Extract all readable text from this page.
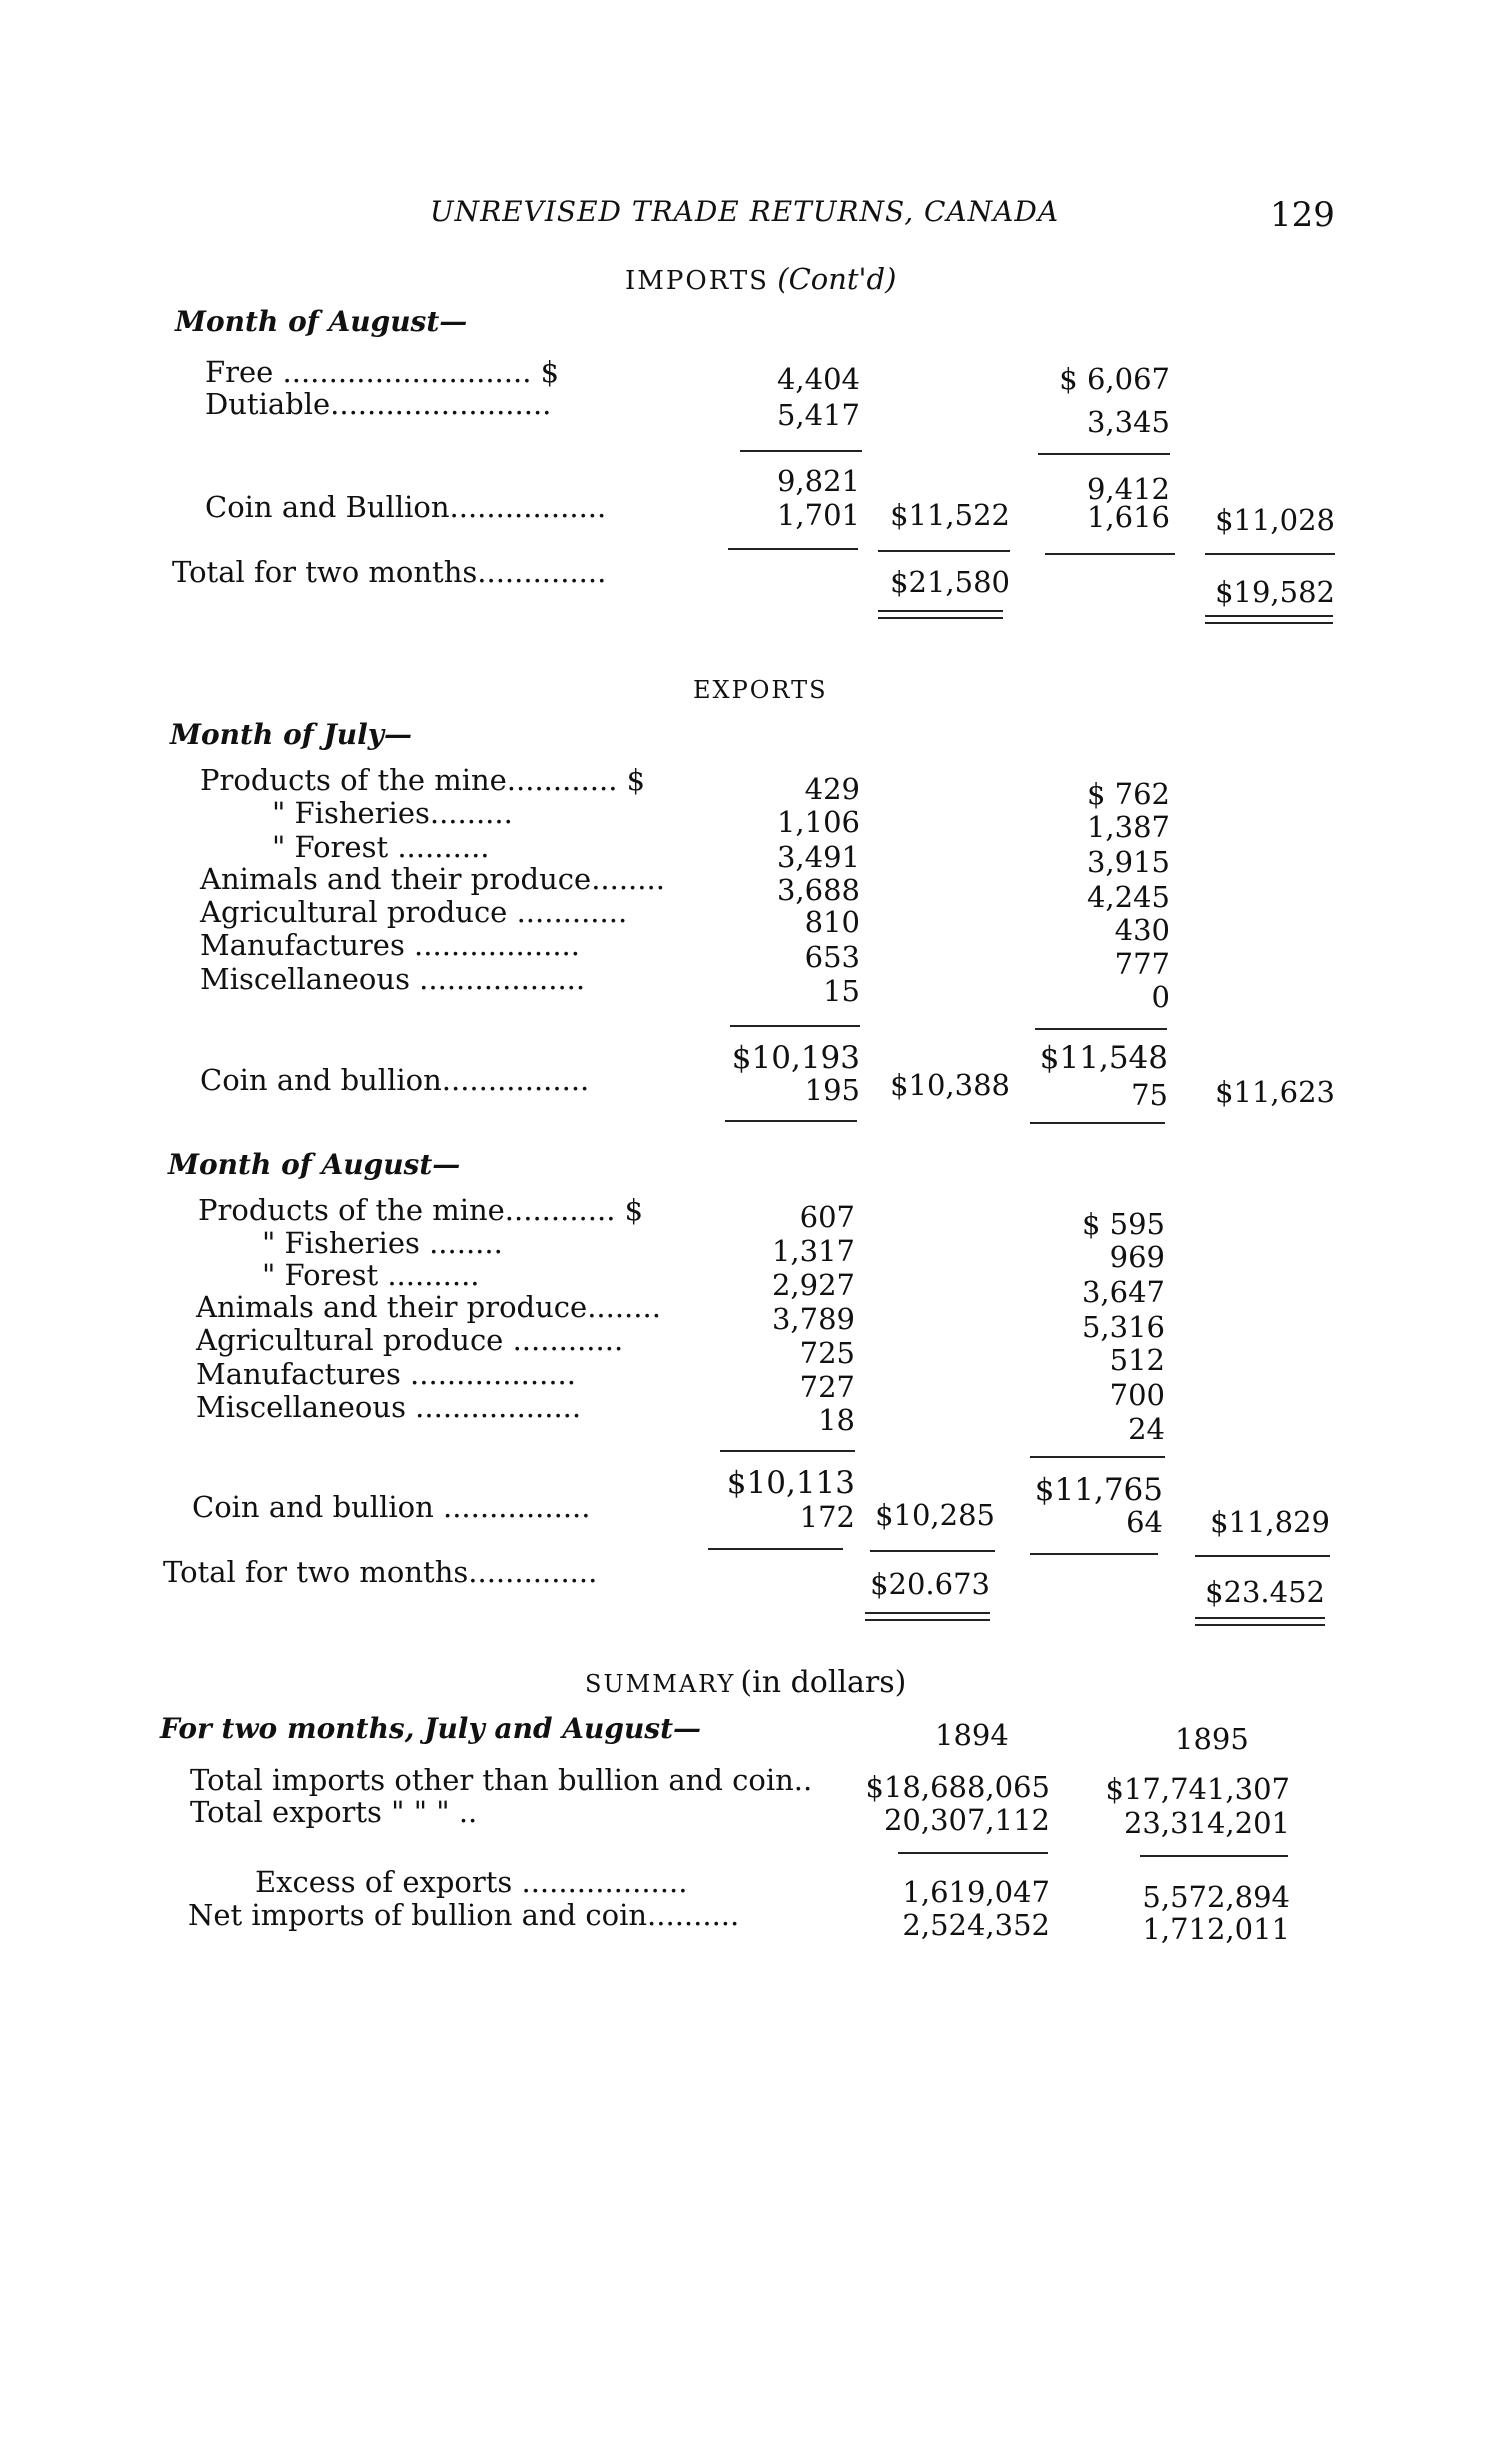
UNREVISED TRADE RETURNS, CANADA	129
IMPORTS (Cont'd)
Month of August—
Free ........................... $	4,404	$ 6,067
Dutiable........................	5,417	3,345
9,821	9,412
Coin and Bullion.................	1,701	$11,522	1,616	$11,028
Total for two months..............	$21,580	$19,582
EXPORTS
Month of July—
Products of the mine............ $	429	$ 762
" Fisheries.........	1,106	1,387
" Forest ..........	3,491	3,915
Animals and their produce........	3,688	4,245
Agricultural produce ............	810	430
Manufactures ..................	653	777
Miscellaneous ..................	15	0
$10,193	$11,548
Coin and bullion................	195	$10,388	75	$11,623
Month of August—
Products of the mine............ $	607	$ 595
" Fisheries ........	1,317	969
" Forest ..........	2,927	3,647
Animals and their produce........	3,789	5,316
Agricultural produce ............	725	512
Manufactures ..................	727	700
Miscellaneous ..................	18	24
$10,113	$11,765
Coin and bullion ................	172 $10,285	64	$11,829
Total for two months..............	$20.673	$23.452
SUMMARY (in dollars)
For two months, July and August—	1894	1895
Total imports other than bullion and coin.. $18,688,065	$17,741,307
Total exports " " " ..	20,307,112	23,314,201
Excess of exports ..................	1,619,047	5,572,894
Net imports of bullion and coin..........	2,524,352	1,712,011
